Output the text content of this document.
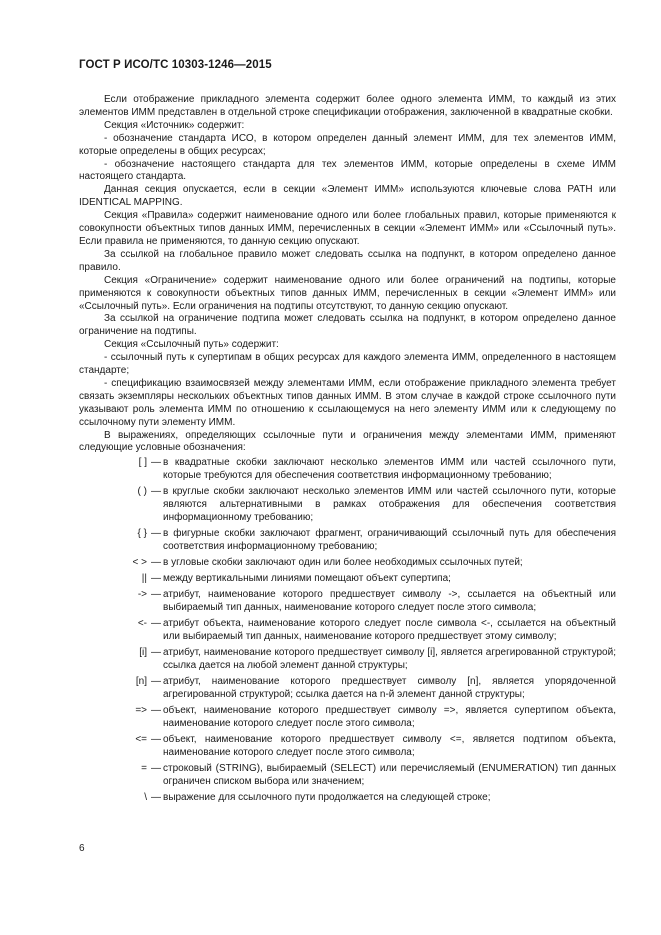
ГОСТ Р ИСО/ТС 10303-1246—2015

Если отображение прикладного элемента содержит более одного элемента ИММ, то каждый из этих элементов ИММ представлен в отдельной строке спецификации отображения, заключенной в квадратные скобки.

Секция «Источник» содержит:

- обозначение стандарта ИСО, в котором определен данный элемент ИММ, для тех элементов ИММ, которые определены в общих ресурсах;

- обозначение настоящего стандарта для тех элементов ИММ, которые определены в схеме ИММ настоящего стандарта.

Данная секция опускается, если в секции «Элемент ИММ» используются ключевые слова PATH или IDENTICAL MAPPING.

Секция «Правила» содержит наименование одного или более глобальных правил, которые применяются к совокупности объектных типов данных ИММ, перечисленных в секции «Элемент ИММ» или «Ссылочный путь». Если правила не применяются, то данную секцию опускают.

За ссылкой на глобальное правило может следовать ссылка на подпункт, в котором определено данное правило.

Секция «Ограничение» содержит наименование одного или более ограничений на подтипы, которые применяются к совокупности объектных типов данных ИММ, перечисленных в секции «Элемент ИММ» или «Ссылочный путь». Если ограничения на подтипы отсутствуют, то данную секцию опускают.

За ссылкой на ограничение подтипа может следовать ссылка на подпункт, в котором определено данное ограничение на подтипы.

Секция «Ссылочный путь» содержит:

- ссылочный путь к супертипам в общих ресурсах для каждого элемента ИММ, определенного в настоящем стандарте;

- спецификацию взаимосвязей между элементами ИММ, если отображение прикладного элемента требует связать экземпляры нескольких объектных типов данных ИММ. В этом случае в каждой строке ссылочного пути указывают роль элемента ИММ по отношению к ссылающемуся на него элементу ИММ или к следующему по ссылочному пути элементу ИММ.

В выражениях, определяющих ссылочные пути и ограничения между элементами ИММ, применяют следующие условные обозначения:

[ ] — в квадратные скобки заключают несколько элементов ИММ или частей ссылочного пути, которые требуются для обеспечения соответствия информационному требованию;
( ) — в круглые скобки заключают несколько элементов ИММ или частей ссылочного пути, которые являются альтернативными в рамках отображения для обеспечения соответствия информационному требованию;
{ } — в фигурные скобки заключают фрагмент, ограничивающий ссылочный путь для обеспечения соответствия информационному требованию;
< > — в угловые скобки заключают один или более необходимых ссылочных путей;
|| — между вертикальными линиями помещают объект супертипа;
-> — атрибут, наименование которого предшествует символу ->, ссылается на объектный или выбираемый тип данных, наименование которого следует после этого символа;
<- — атрибут объекта, наименование которого следует после символа <-, ссылается на объектный или выбираемый тип данных, наименование которого предшествует этому символу;
[i] — атрибут, наименование которого предшествует символу [i], является агрегированной структурой; ссылка дается на любой элемент данной структуры;
[n] — атрибут, наименование которого предшествует символу [n], является упорядоченной агрегированной структурой; ссылка дается на n-й элемент данной структуры;
=> — объект, наименование которого предшествует символу =>, является супертипом объекта, наименование которого следует после этого символа;
<= — объект, наименование которого предшествует символу <=, является подтипом объекта, наименование которого следует после этого символа;
= — строковый (STRING), выбираемый (SELECT) или перечисляемый (ENUMERATION) тип данных ограничен списком выбора или значением;
\ — выражение для ссылочного пути продолжается на следующей строке;
6
